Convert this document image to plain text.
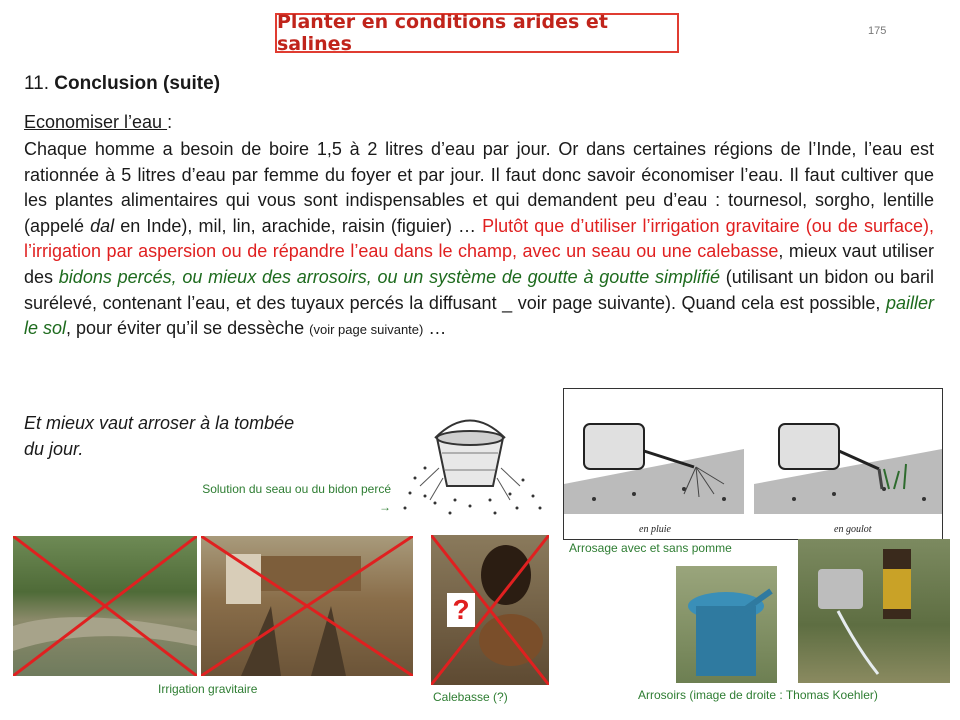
Planter en conditions arides et salines
175
11. Conclusion (suite)
Economiser l’eau :
Chaque homme a besoin de boire 1,5 à 2 litres d’eau par jour. Or dans certaines régions de l’Inde, l’eau est rationnée à 5 litres d’eau par femme du foyer et par jour. Il faut donc savoir économiser l’eau. Il faut cultiver que les plantes alimentaires qui vous sont indispensables et qui demandent peu d’eau : tournesol, sorgho, lentille (appelé dal en Inde), mil, lin, arachide, raisin (figuier) … Plutôt que d’utiliser l’irrigation gravitaire (ou de surface), l’irrigation par aspersion ou de répandre l’eau dans le champ, avec un seau ou une calebasse, mieux vaut utiliser des bidons percés, ou mieux des arrosoirs, ou un système de goutte à goutte simplifié (utilisant un bidon ou baril surélevé, contenant l’eau, et des tuyaux percés la diffusant _ voir page suivante). Quand cela est possible, pailler le sol, pour éviter qu’il se dessèche (voir page suivante) …
Et mieux vaut arroser à la tombée
du jour.
Solution du seau ou du bidon percé
→
en pluie	en goulot
Arrosage avec et sans pomme
Irrigation gravitaire
?
Calebasse (?)	Arrosoirs (image de droite : Thomas Koehler)
